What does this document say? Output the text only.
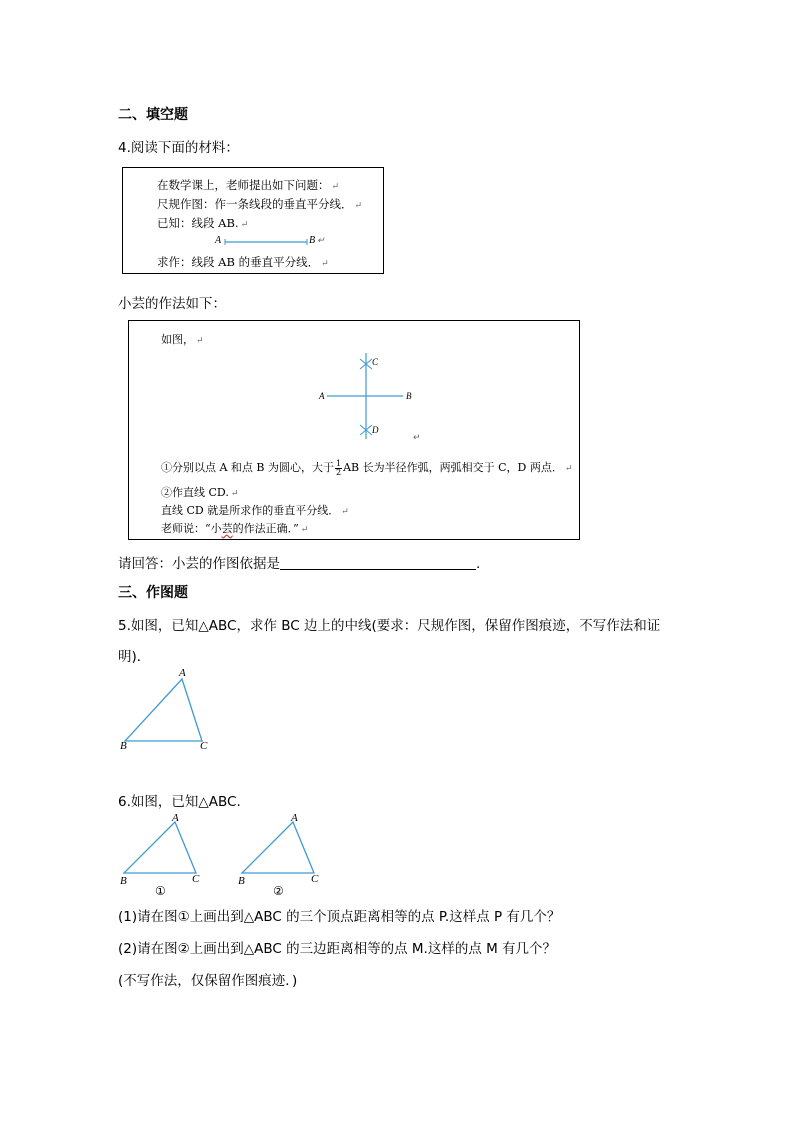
二、填空题
4.阅读下面的材料：
在数学课上，老师提出如下问题： ↵
尺规作图：作一条线段的垂直平分线． ↵
已知：线段 AB. ↵
A	B ↵
求作：线段 AB 的垂直平分线． ↵
小芸的作法如下：
如图， ↵
A	B
C
D
↵
①分别以点 A 和点 B 为圆心，大于 $\frac{1}{2}$ AB 长为半径作弧，两弧相交于 C，D 两点． ↵
②作直线 CD. ↵
直线 CD 就是所求作的垂直平分线． ↵
老师说：“小芸的作法正确．” ↵
请回答：小芸的作图依据是	.
三、作图题
5.如图，已知△ABC，求作 BC 边上的中线(要求：尺规作图，保留作图痕迹，不写作法和证
明)．
A
B	C
6.如图，已知△ABC.
A
B	C
①
A
B	C
②
(1)请在图①上画出到△ABC 的三个顶点距离相等的点 P.这样点 P 有几个？
(2)请在图②上画出到△ABC 的三边距离相等的点 M.这样的点 M 有几个？
(不写作法，仅保留作图痕迹．)
